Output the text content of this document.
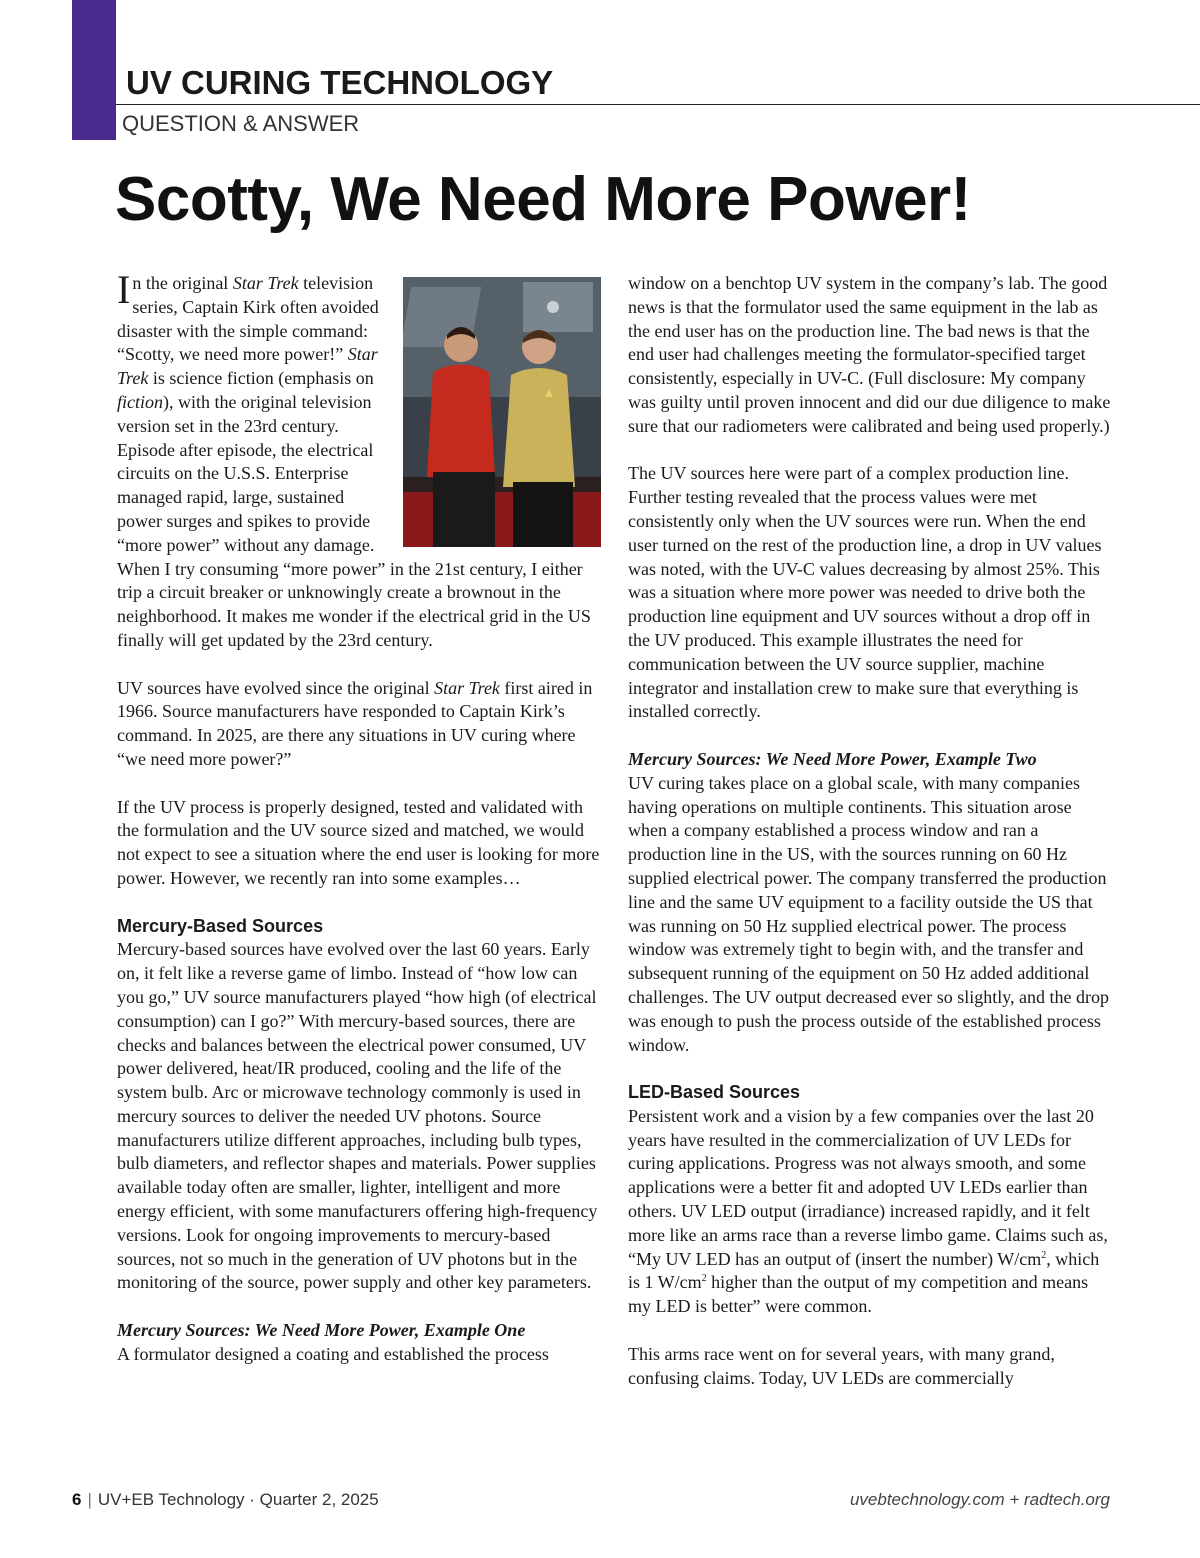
UV CURING TECHNOLOGY
QUESTION & ANSWER
Scotty, We Need More Power!

In the original Star Trek television series, Captain Kirk often avoided disaster with the simple command: “Scotty, we need more power!” Star Trek is science fiction (emphasis on fiction), with the original television version set in the 23rd century. Episode after episode, the electrical circuits on the U.S.S. Enterprise managed rapid, large, sustained power surges and spikes to provide “more power” without any damage. When I try consuming “more power” in the 21st century, I either trip a circuit breaker or unknowingly create a brownout in the neighborhood. It makes me wonder if the electrical grid in the US finally will get updated by the 23rd century.

UV sources have evolved since the original Star Trek first aired in 1966. Source manufacturers have responded to Captain Kirk’s command. In 2025, are there any situations in UV curing where “we need more power?”

If the UV process is properly designed, tested and validated with the formulation and the UV source sized and matched, we would not expect to see a situation where the end user is looking for more power. However, we recently ran into some examples…

Mercury-Based Sources

Mercury-based sources have evolved over the last 60 years. Early on, it felt like a reverse game of limbo. Instead of “how low can you go,” UV source manufacturers played “how high (of electrical consumption) can I go?” With mercury-based sources, there are checks and balances between the electrical power consumed, UV power delivered, heat/IR produced, cooling and the life of the system bulb. Arc or microwave technology commonly is used in mercury sources to deliver the needed UV photons. Source manufacturers utilize different approaches, including bulb types, bulb diameters, and reflector shapes and materials. Power supplies available today often are smaller, lighter, intelligent and more energy efficient, with some manufacturers offering high-frequency versions. Look for ongoing improvements to mercury-based sources, not so much in the generation of UV photons but in the monitoring of the source, power supply and other key parameters.

Mercury Sources: We Need More Power, Example One

A formulator designed a coating and established the process

window on a benchtop UV system in the company’s lab. The good news is that the formulator used the same equipment in the lab as the end user has on the production line. The bad news is that the end user had challenges meeting the formulator-specified target consistently, especially in UV-C. (Full disclosure: My company was guilty until proven innocent and did our due diligence to make sure that our radiometers were calibrated and being used properly.)

The UV sources here were part of a complex production line. Further testing revealed that the process values were met consistently only when the UV sources were run. When the end user turned on the rest of the production line, a drop in UV values was noted, with the UV-C values decreasing by almost 25%. This was a situation where more power was needed to drive both the production line equipment and UV sources without a drop off in the UV produced. This example illustrates the need for communication between the UV source supplier, machine integrator and installation crew to make sure that everything is installed correctly.

Mercury Sources: We Need More Power, Example Two

UV curing takes place on a global scale, with many companies having operations on multiple continents. This situation arose when a company established a process window and ran a production line in the US, with the sources running on 60 Hz supplied electrical power. The company transferred the production line and the same UV equipment to a facility outside the US that was running on 50 Hz supplied electrical power. The process window was extremely tight to begin with, and the transfer and subsequent running of the equipment on 50 Hz added additional challenges. The UV output decreased ever so slightly, and the drop was enough to push the process outside of the established process window.

LED-Based Sources

Persistent work and a vision by a few companies over the last 20 years have resulted in the commercialization of UV LEDs for curing applications. Progress was not always smooth, and some applications were a better fit and adopted UV LEDs earlier than others. UV LED output (irradiance) increased rapidly, and it felt more like an arms race than a reverse limbo game. Claims such as, “My UV LED has an output of (insert the number) $W/cm^2$, which is 1 $W/cm^2$ higher than the output of my competition and means my LED is better” were common.

This arms race went on for several years, with many grand, confusing claims. Today, UV LEDs are commercially

6 | UV+EB Technology · Quarter 2, 2025	uvebtechnology.com + radtech.org
